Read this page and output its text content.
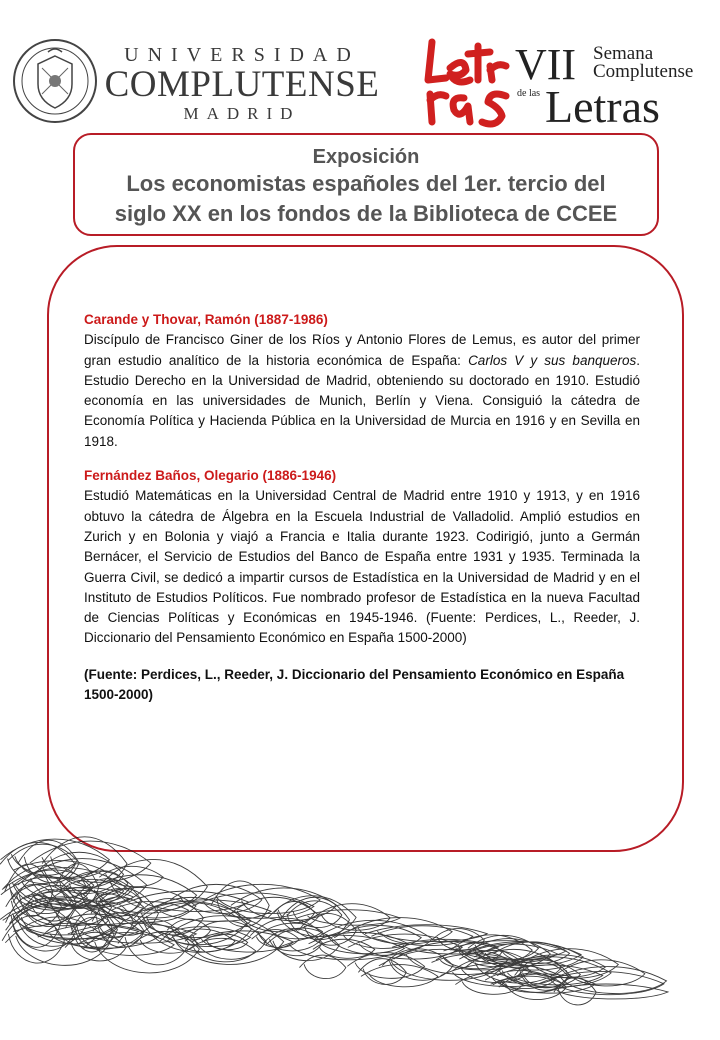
UNIVERSIDAD
COMPLUTENSE
MADRID
VII Semana
Complutense
de las Letras
Exposición
Los economistas españoles del 1er. tercio del
siglo XX en los fondos de la Biblioteca de CCEE
Carande y Thovar, Ramón (1887-1986)
Discípulo de Francisco Giner de los Ríos y Antonio Flores de Lemus, es autor del primer gran estudio analítico de la historia económica de España: Carlos V y sus banqueros. Estudio Derecho en la Universidad de Madrid, obteniendo su doctorado en 1910. Estudió economía en las universidades de Munich, Berlín y Viena. Consiguió la cátedra de Economía Política y Hacienda Pública en la Universidad de Murcia en 1916 y en Sevilla en 1918.
Fernández Baños, Olegario (1886-1946)
Estudió Matemáticas en la Universidad Central de Madrid entre 1910 y 1913, y en 1916 obtuvo la cátedra de Álgebra en la Escuela Industrial de Valladolid. Amplió estudios en Zurich y en Bolonia y viajó a Francia e Italia durante 1923. Codirigió, junto a Germán Bernácer, el Servicio de Estudios del Banco de España entre 1931 y 1935. Terminada la Guerra Civil, se dedicó a impartir cursos de Estadística en la Universidad de Madrid y en el Instituto de Estudios Políticos. Fue nombrado profesor de Estadística en la nueva Facultad de Ciencias Políticas y Económicas en 1945-1946. (Fuente: Perdices, L., Reeder, J. Diccionario del Pensamiento Económico en España 1500-2000)
(Fuente: Perdices, L., Reeder, J. Diccionario del Pensamiento Económico en España 1500-2000)
